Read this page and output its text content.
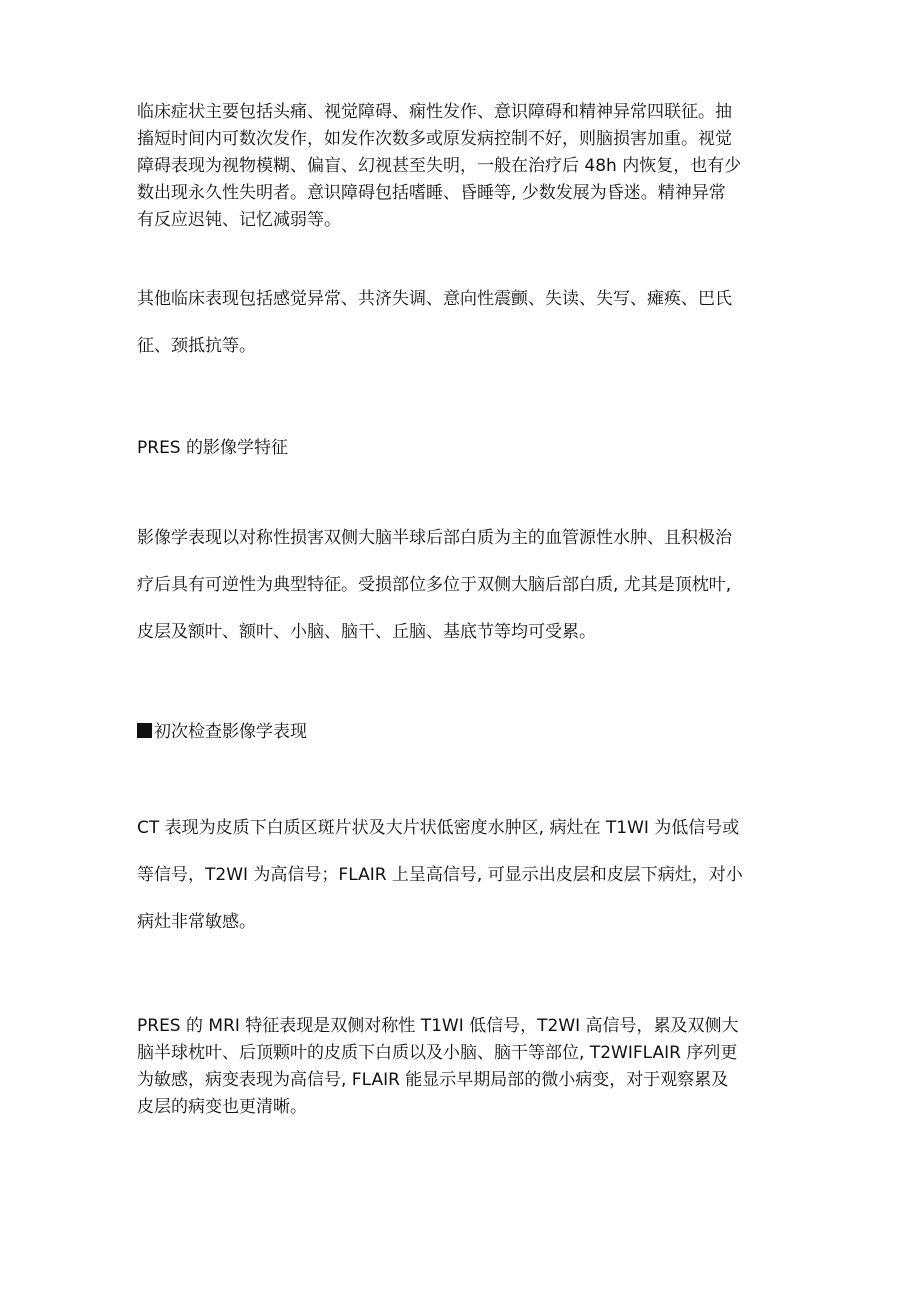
临床症状主要包括头痛、视觉障碍、痫性发作、意识障碍和精神异常四联征。抽
搐短时间内可数次发作，如发作次数多或原发病控制不好，则脑损害加重。视觉
障碍表现为视物模糊、偏盲、幻视甚至失明，一般在治疗后 48h 内恢复，也有少
数出现永久性失明者。意识障碍包括嗜睡、昏睡等, 少数发展为昏迷。精神异常
有反应迟钝、记忆减弱等。
其他临床表现包括感觉异常、共济失调、意向性震颤、失读、失写、瘫痪、巴氏
征、颈抵抗等。
PRES 的影像学特征
影像学表现以对称性损害双侧大脑半球后部白质为主的血管源性水肿、且积极治
疗后具有可逆性为典型特征。受损部位多位于双侧大脑后部白质, 尤其是顶枕叶,
皮层及额叶、额叶、小脑、脑干、丘脑、基底节等均可受累。
初次检查影像学表现
CT 表现为皮质下白质区斑片状及大片状低密度水肿区, 病灶在 T1WI 为低信号或
等信号，T2WI 为高信号；FLAIR 上呈高信号, 可显示出皮层和皮层下病灶，对小
病灶非常敏感。
PRES 的 MRI 特征表现是双侧对称性 T1WI 低信号，T2WI 高信号，累及双侧大
脑半球枕叶、后顶颗叶的皮质下白质以及小脑、脑干等部位, T2WIFLAIR 序列更
为敏感，病变表现为高信号, FLAIR 能显示早期局部的微小病变，对于观察累及
皮层的病变也更清晰。
